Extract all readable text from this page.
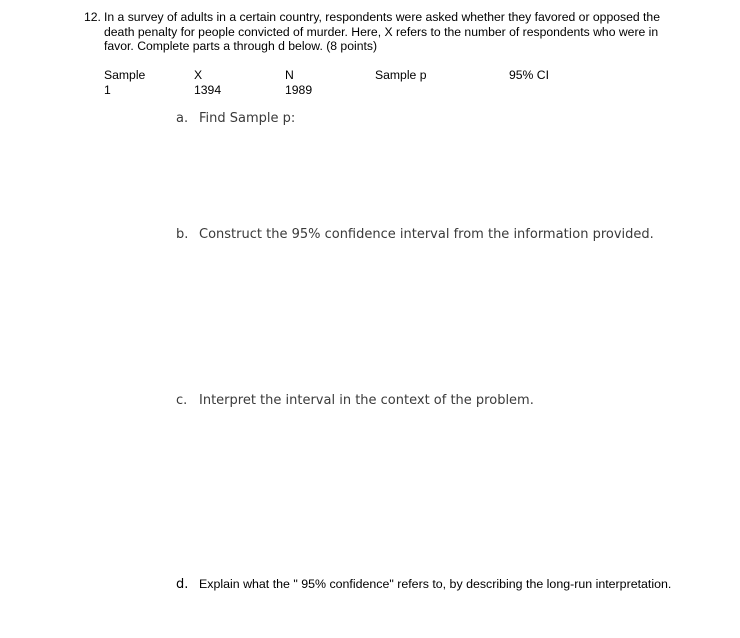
12. In a survey of adults in a certain country, respondents were asked whether they favored or opposed the death penalty for people convicted of murder. Here, X refers to the number of respondents who were in favor. Complete parts a through d below. (8 points)
Sample	X	N	Sample p	95% CI
1	1394	1989
a. Find Sample p:
b. Construct the 95% confidence interval from the information provided.
c. Interpret the interval in the context of the problem.
d. Explain what the " 95% confidence" refers to, by describing the long-run interpretation.
